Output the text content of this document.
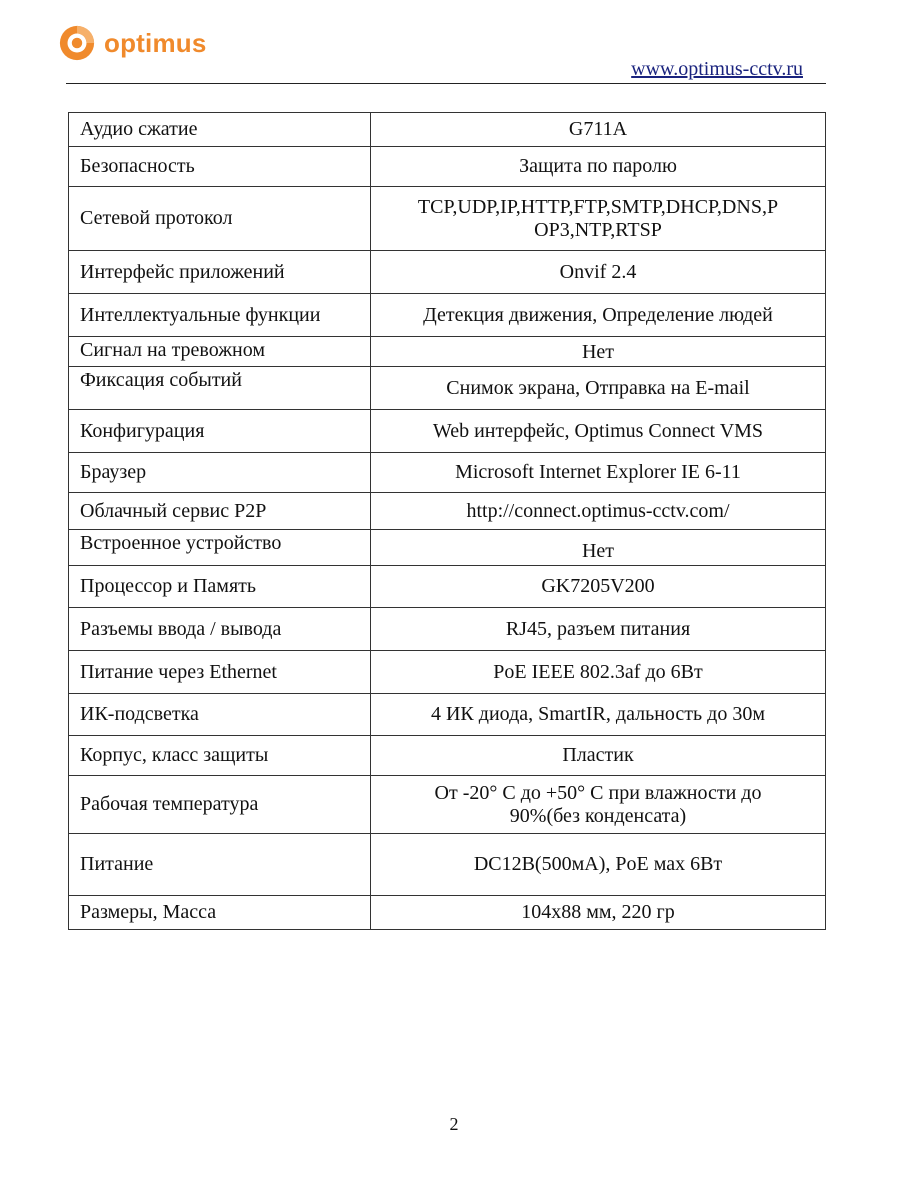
optimus
www.optimus-cctv.ru
Аудио сжатие	G711A
Безопасность	Защита по паролю
Сетевой протокол	TCP,UDP,IP,HTTP,FTP,SMTP,DHCP,DNS,P
OP3,NTP,RTSP
Интерфейс приложений	Onvif 2.4
Интеллектуальные функции	Детекция движения, Определение людей
Сигнал на тревожном	Нет
Фиксация событий	Снимок экрана, Отправка на E-mail
Конфигурация	Web интерфейс, Optimus Connect VMS
Браузер	Microsoft Internet Explorer IE 6-11
Облачный сервис P2P	http://connect.optimus-cctv.com/
Встроенное устройство	Нет
Процессор и Память	GK7205V200
Разъемы ввода / вывода	RJ45, разъем питания
Питание через Ethernet	PoE IEEE 802.3af до 6Вт
ИК-подсветка	4 ИК диода, SmartIR, дальность до 30м
Корпус, класс защиты	Пластик
Рабочая температура	От -20° С до +50° С при влажности до
90%(без конденсата)
Питание	DC12В(500мА), PoE мах 6Вт
Размеры, Масса	104x88 мм, 220 гр
2
